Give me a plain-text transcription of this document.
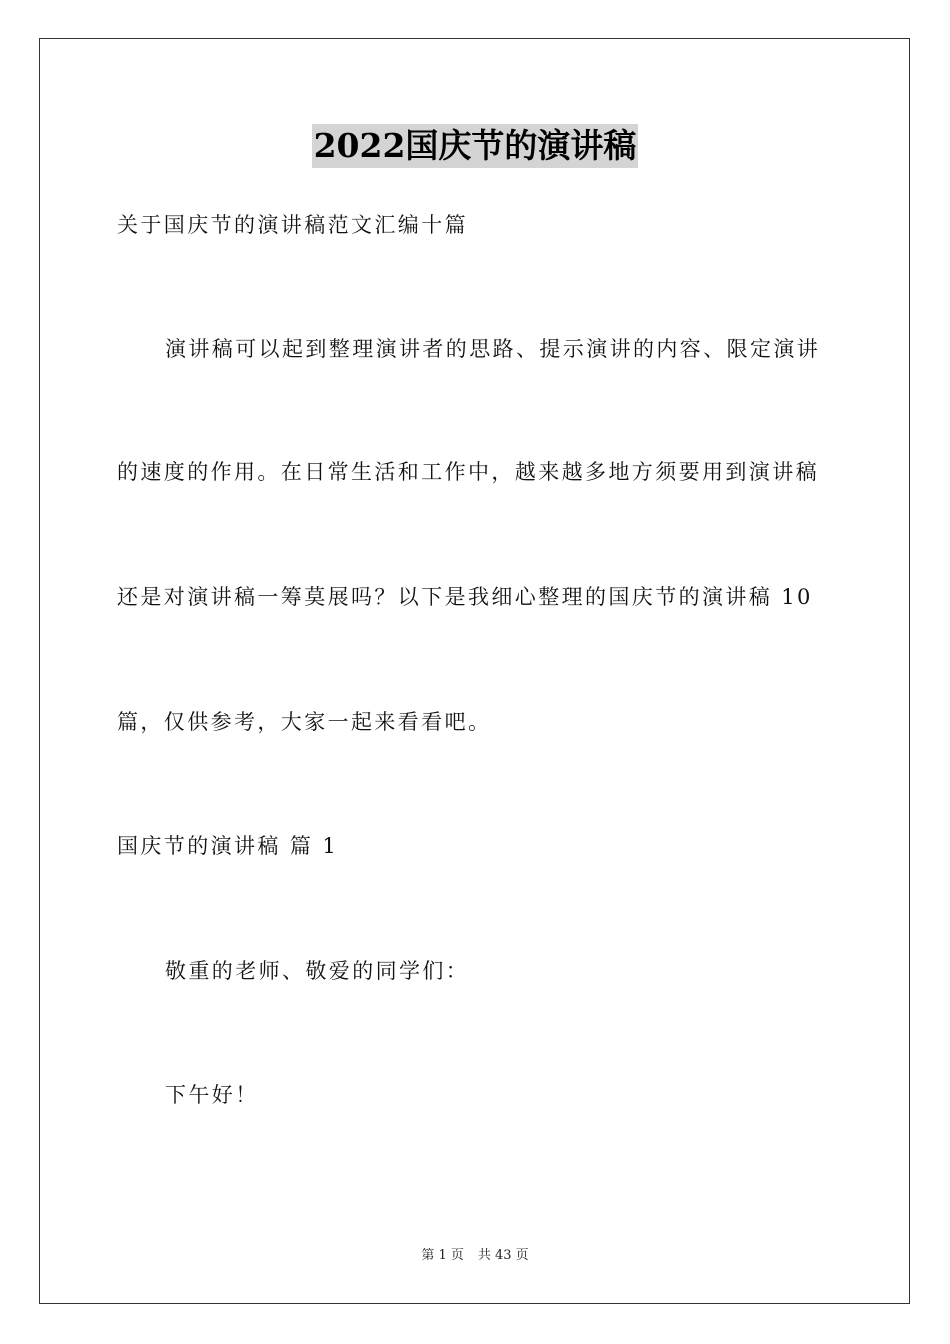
2022国庆节的演讲稿
关于国庆节的演讲稿范文汇编十篇
演讲稿可以起到整理演讲者的思路、提示演讲的内容、限定演讲
的速度的作用。在日常生活和工作中，越来越多地方须要用到演讲稿
还是对演讲稿一筹莫展吗？以下是我细心整理的国庆节的演讲稿 10
篇，仅供参考，大家一起来看看吧。
国庆节的演讲稿 篇 1
敬重的老师、敬爱的同学们：
下午好！
第 1 页 共 43 页
